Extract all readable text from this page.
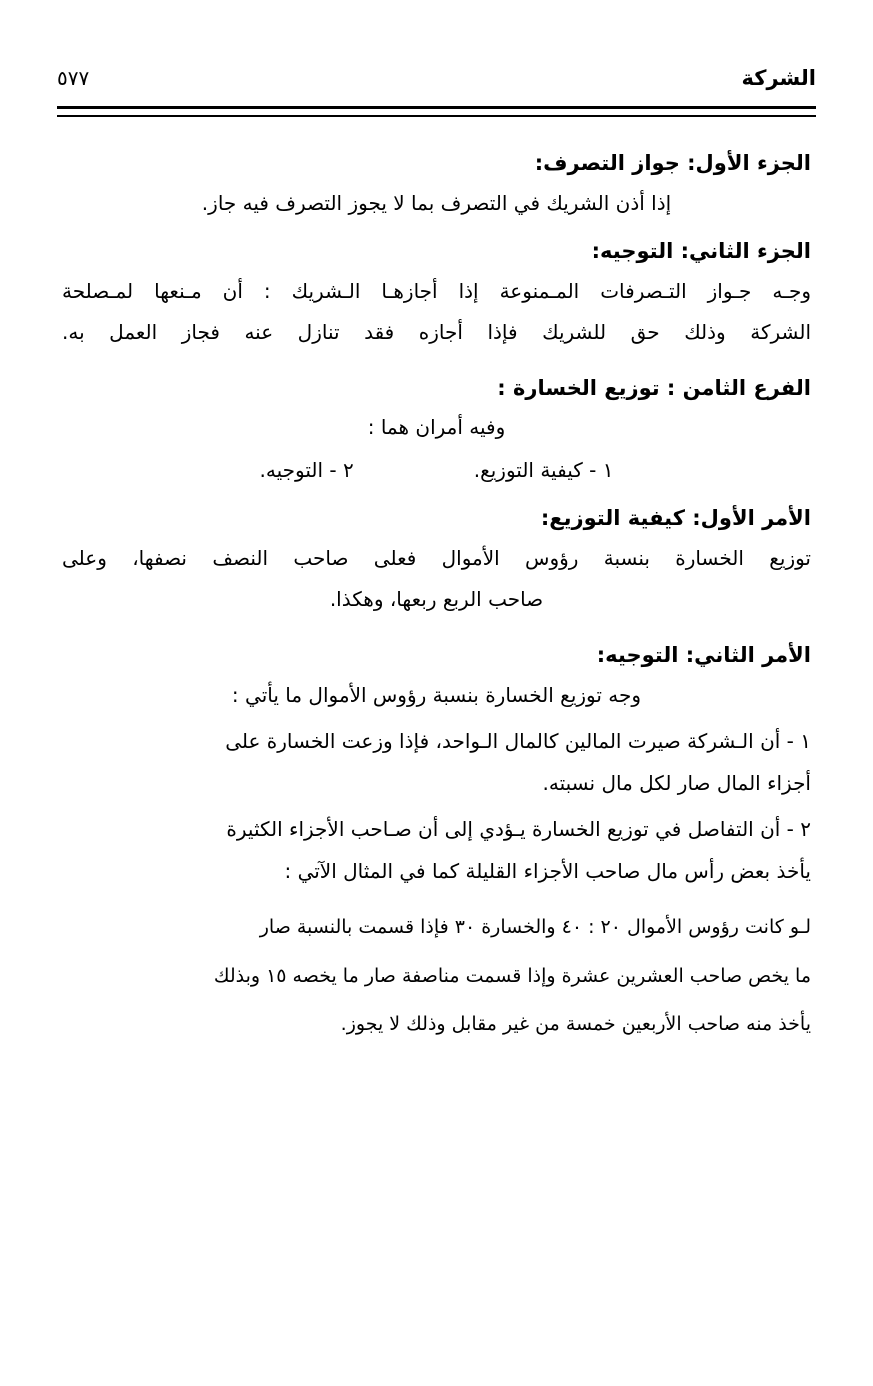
الشركة
٥٧٧
الجزء الأول: جواز التصرف:
إذا أذن الشريك في التصرف بما لا يجوز التصرف فيه جاز.
الجزء الثاني: التوجيه:
وجـه جـواز التـصرفات المـمنوعة إذا أجازهـا الـشريك : أن مـنعها لمـصلحة
الشركة وذلك حق للشريك فإذا أجازه فقد تنازل عنه فجاز العمل به.
الفرع الثامن : توزيع الخسارة :
وفيه أمران هما :
١ - كيفية التوزيع.
٢ - التوجيه.
الأمر الأول: كيفية التوزيع:
توزيع الخسارة بنسبة رؤوس الأموال فعلى صاحب النصف نصفها، وعلى
صاحب الربع ربعها، وهكذا.
الأمر الثاني: التوجيه:
وجه توزيع الخسارة بنسبة رؤوس الأموال ما يأتي :
١ - أن الـشركة صيرت المالين كالمال الـواحد، فإذا وزعت الخسارة على
أجزاء المال صار لكل مال نسبته.
٢ - أن التفاصل في توزيع الخسارة يـؤدي إلى أن صـاحب الأجزاء الكثيرة
يأخذ بعض رأس مال صاحب الأجزاء القليلة كما في المثال الآتي :
لـو كانت رؤوس الأموال ٢٠ : ٤٠ والخسارة ٣٠ فإذا قسمت بالنسبة صار
ما يخص صاحب العشرين عشرة وإذا قسمت مناصفة صار ما يخصه ١٥ وبذلك
يأخذ منه صاحب الأربعين خمسة من غير مقابل وذلك لا يجوز.
